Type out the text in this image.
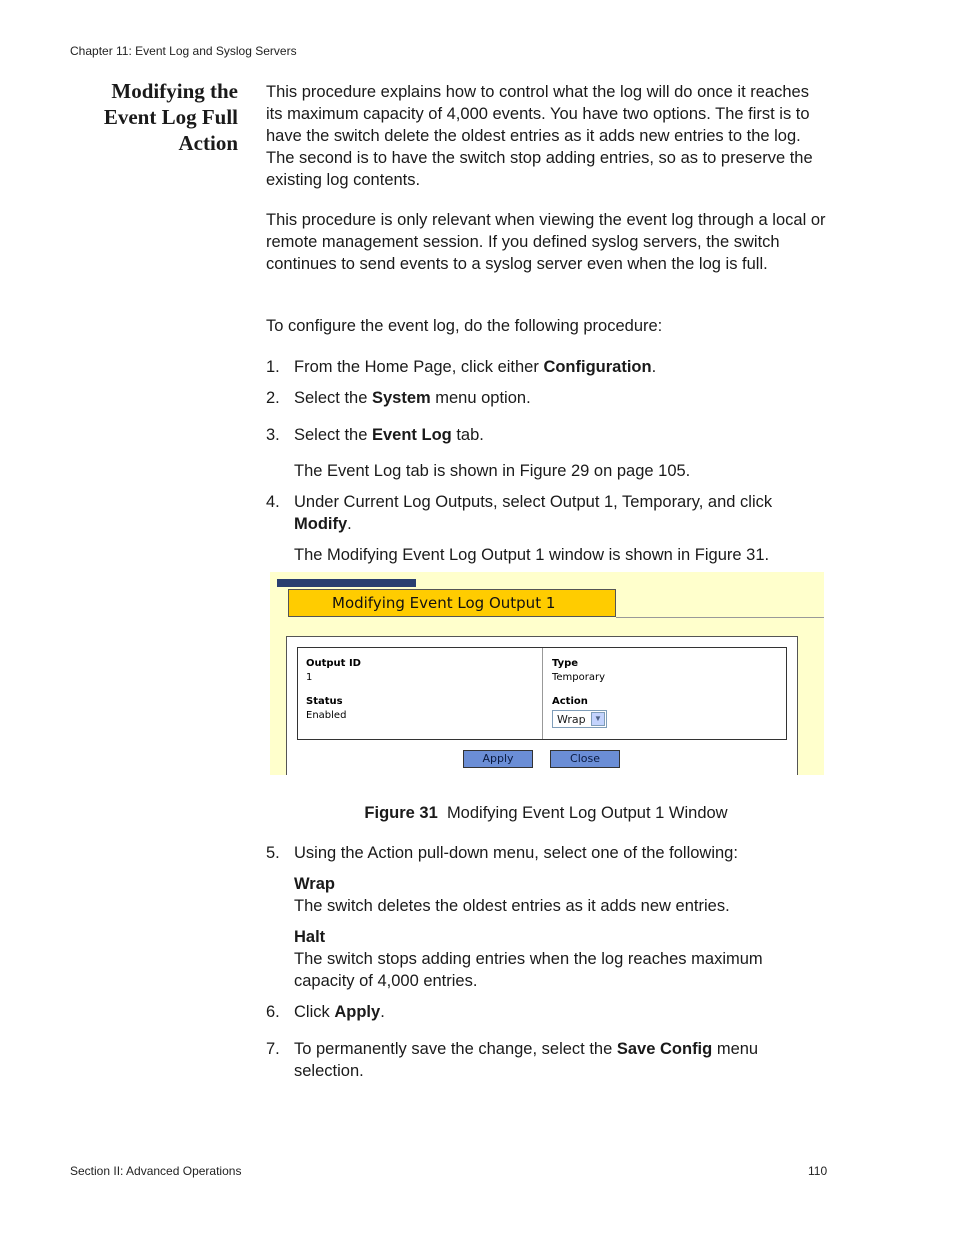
Chapter 11: Event Log and Syslog Servers
Modifying the
Event Log Full
Action
This procedure explains how to control what the log will do once it reaches its maximum capacity of 4,000 events. You have two options. The first is to have the switch delete the oldest entries as it adds new entries to the log. The second is to have the switch stop adding entries, so as to preserve the existing log contents.
This procedure is only relevant when viewing the event log through a local or remote management session. If you defined syslog servers, the switch continues to send events to a syslog server even when the log is full.
To configure the event log, do the following procedure:
1. From the Home Page, click either Configuration.
2. Select the System menu option.
3. Select the Event Log tab.
The Event Log tab is shown in Figure 29 on page 105.
4. Under Current Log Outputs, select Output 1, Temporary, and click Modify.
The Modifying Event Log Output 1 window is shown in Figure 31.
Modifying Event Log Output 1
Output ID
1
Status
Enabled
Type
Temporary
Action
Wrap	▼
Apply	Close
Figure 31 Modifying Event Log Output 1 Window
5. Using the Action pull-down menu, select one of the following:
Wrap
The switch deletes the oldest entries as it adds new entries.
Halt
The switch stops adding entries when the log reaches maximum capacity of 4,000 entries.
6. Click Apply.
7. To permanently save the change, select the Save Config menu selection.
Section II: Advanced Operations	110
